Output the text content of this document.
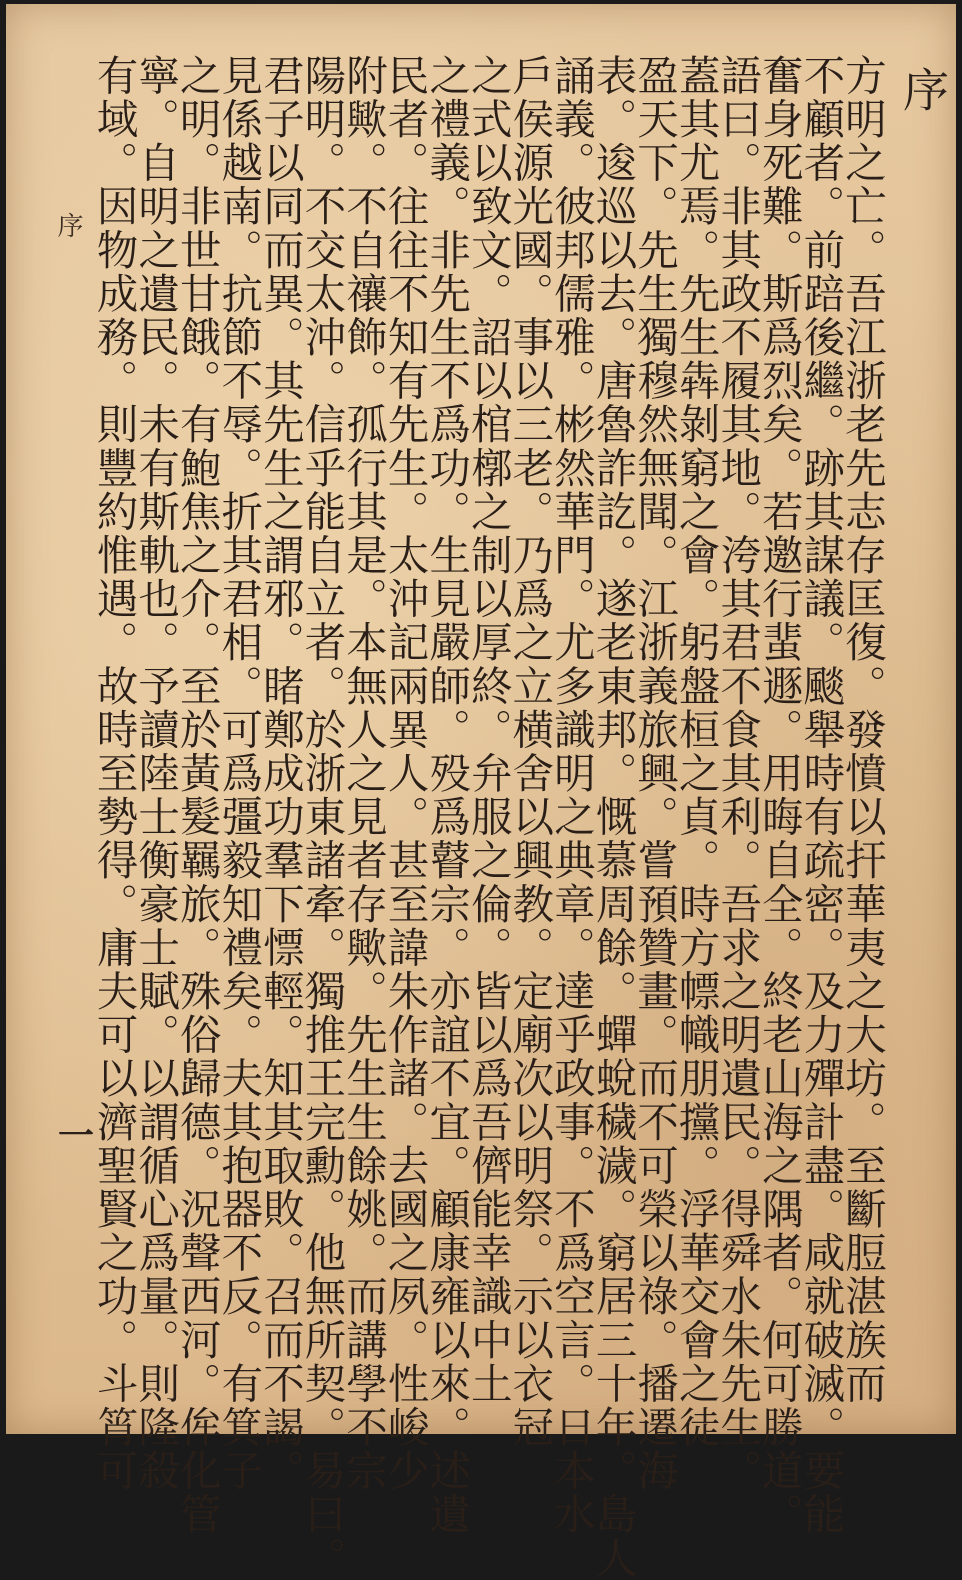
序
方明之亡。吾江浙老先志存匡復。發憤以扞華夷之大坊。至斷脰湛族而
不顧者。前踣後繼。跡其謀議。颷舉時有疏密。及力殫計盡。咸就破滅。要能
奮身死難。斯爲烈矣。若邀行蜚遯。用晦自全。終老山海之隅者。何可勝道。
語曰。非其政不履其地。洿其君不食其利。吾求之明遺民。得舜水朱先生。
蓋其尤焉。先生犇剝窮之會。躬盤桓之貞。時方幖幟朋攩。浮華交會之徒
盈天下。先生獨穆然無聞。江浙義旅興。嘗預贊畫。而不可榮以祿。播遷海
表。逡巡以去。唐魯詐訖。遂老東邦。慨慕周餘。蟬蛻穢濊。窮居三十年。島人
誦義。彼邦儒雅。彬然華門。尤多識明之典章。達乎政事。不爲空言。日本水
戶侯源光國。事以三老。乃爲之立横舍以興教。定廟次以明祭。示以衣冠
之式以致文。詔以棺槨之制以厚終。弁服之倫。皆以爲吾儕能幸識中土
之禮義。非先生不爲功。生見嚴師。殁爲瞽宗。亦誼不宜。顧康雍以來。述遺
民者。往往不知有先生。太沖記兩異人。甚至諱朱作諸。去國之夙。性峻少
附歟。不自禳飾。孤行其是。本無人之見者存歟。先生生餘姚。而講學不宗
陽明。不交太沖。信乎能自立者。於浙東諸牽。獨推王完勳。他無所契。易曰。
君子以同而異。其先生之謂邪。睹鄭成功羣下慓輕。知其取敗。召而不謁。
見係越南。抗節不辱。折其君相。可爲彊毅知禮矣。夫其抱器不反。有箕子
之明。非世甘餓。有鮑焦之介。至於黃髮羈旅。殊俗歸德。況聲西河。侔化管
寧。自明之遺民。未有斯軌也。予讀陸士衡豪士賦。以謂循心爲量。則隆殺
有域。因物成務。則豐約惟遇。故時至勢得。庸夫可以濟聖賢之功。斗筲可
序
一
